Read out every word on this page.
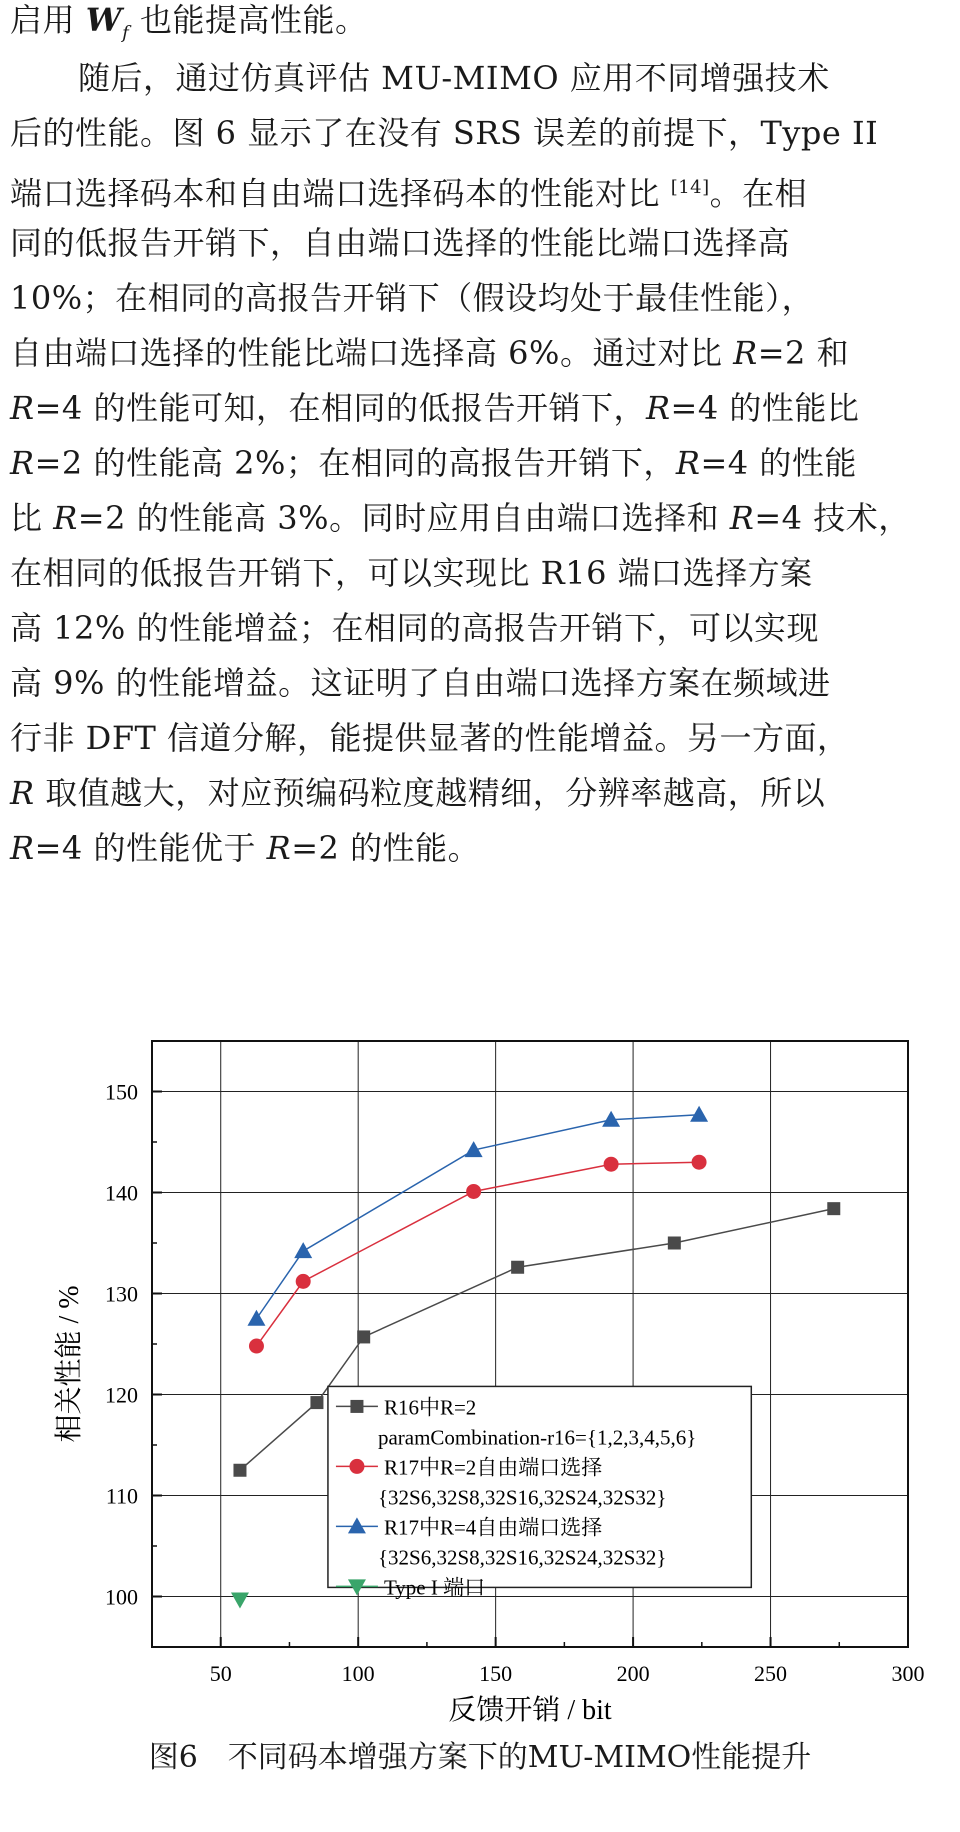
启用 $W_f$ 也能提高性能。
随后，通过仿真评估 MU-MIMO 应用不同增强技术
后的性能。图 6 显示了在没有 SRS 误差的前提下，Type II
端口选择码本和自由端口选择码本的性能对比 [14]。在相
同的低报告开销下，自由端口选择的性能比端口选择高
10%；在相同的高报告开销下（假设均处于最佳性能），
自由端口选择的性能比端口选择高 6%。通过对比 R=2 和
R=4 的性能可知，在相同的低报告开销下，R=4 的性能比
R=2 的性能高 2%；在相同的高报告开销下，R=4 的性能
比 R=2 的性能高 3%。同时应用自由端口选择和 R=4 技术，
在相同的低报告开销下，可以实现比 R16 端口选择方案
高 12% 的性能增益；在相同的高报告开销下，可以实现
高 9% 的性能增益。这证明了自由端口选择方案在频域进
行非 DFT 信道分解，能提供显著的性能增益。另一方面，
R 取值越大，对应预编码粒度越精细，分辨率越高，所以
R=4 的性能优于 R=2 的性能。
50	100	150	200	250	300
100
110
120
130
140
150
R16中R=2
paramCombination-r16={1,2,3,4,5,6}
R17中R=2自由端口选择
{32S6,32S8,32S16,32S24,32S32}
R17中R=4自由端口选择
{32S6,32S8,32S16,32S24,32S32}
Type I 端口
反馈开销 / bit
相关性能 / %
图6　不同码本增强方案下的MU-MIMO性能提升
